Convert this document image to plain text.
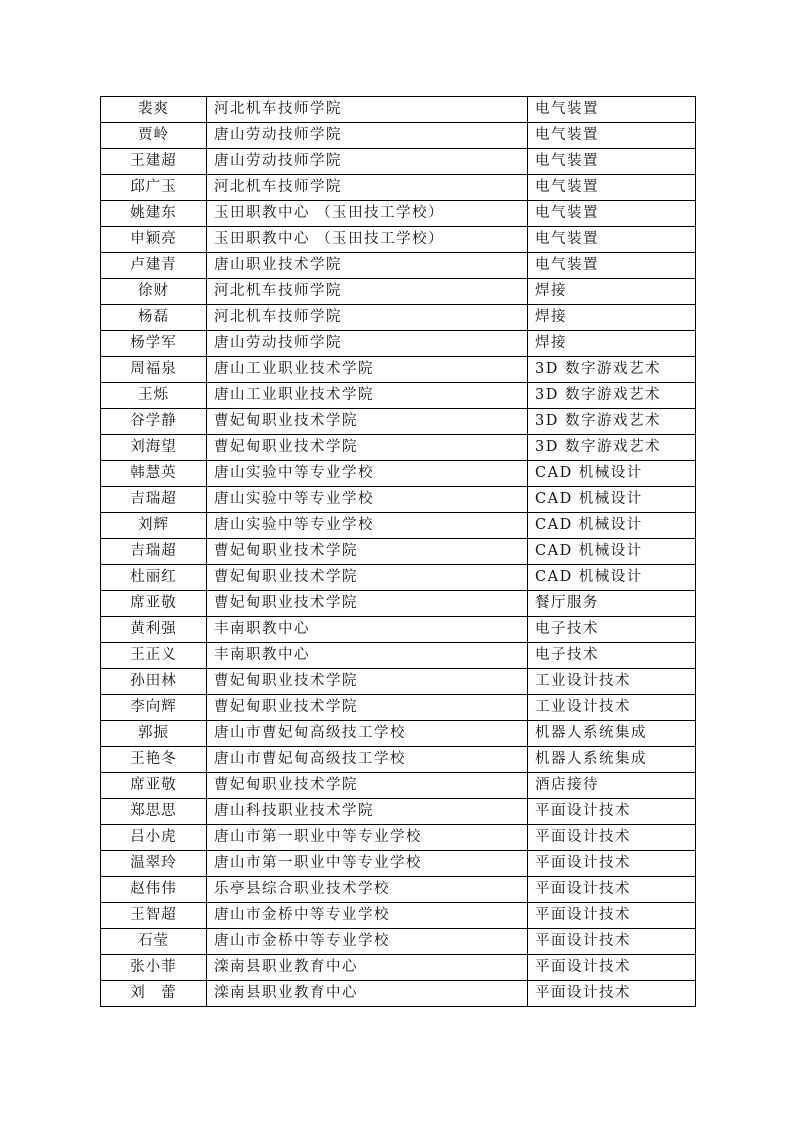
裴爽	河北机车技师学院	电气装置
贾岭	唐山劳动技师学院	电气装置
王建超	唐山劳动技师学院	电气装置
邱广玉	河北机车技师学院	电气装置
姚建东	玉田职教中心 （玉田技工学校）	电气装置
申颖亮	玉田职教中心 （玉田技工学校）	电气装置
卢建青	唐山职业技术学院	电气装置
徐财	河北机车技师学院	焊接
杨磊	河北机车技师学院	焊接
杨学军	唐山劳动技师学院	焊接
周福泉	唐山工业职业技术学院	3D 数字游戏艺术
王烁	唐山工业职业技术学院	3D 数字游戏艺术
谷学静	曹妃甸职业技术学院	3D 数字游戏艺术
刘海望	曹妃甸职业技术学院	3D 数字游戏艺术
韩慧英	唐山实验中等专业学校	CAD 机械设计
吉瑞超	唐山实验中等专业学校	CAD 机械设计
刘辉	唐山实验中等专业学校	CAD 机械设计
吉瑞超	曹妃甸职业技术学院	CAD 机械设计
杜丽红	曹妃甸职业技术学院	CAD 机械设计
席亚敬	曹妃甸职业技术学院	餐厅服务
黄利强	丰南职教中心	电子技术
王正义	丰南职教中心	电子技术
孙田林	曹妃甸职业技术学院	工业设计技术
李向辉	曹妃甸职业技术学院	工业设计技术
郭振	唐山市曹妃甸高级技工学校	机器人系统集成
王艳冬	唐山市曹妃甸高级技工学校	机器人系统集成
席亚敬	曹妃甸职业技术学院	酒店接待
郑思思	唐山科技职业技术学院	平面设计技术
吕小虎	唐山市第一职业中等专业学校	平面设计技术
温翠玲	唐山市第一职业中等专业学校	平面设计技术
赵伟伟	乐亭县综合职业技术学校	平面设计技术
王智超	唐山市金桥中等专业学校	平面设计技术
石莹	唐山市金桥中等专业学校	平面设计技术
张小菲	滦南县职业教育中心	平面设计技术
刘　蕾	滦南县职业教育中心	平面设计技术
